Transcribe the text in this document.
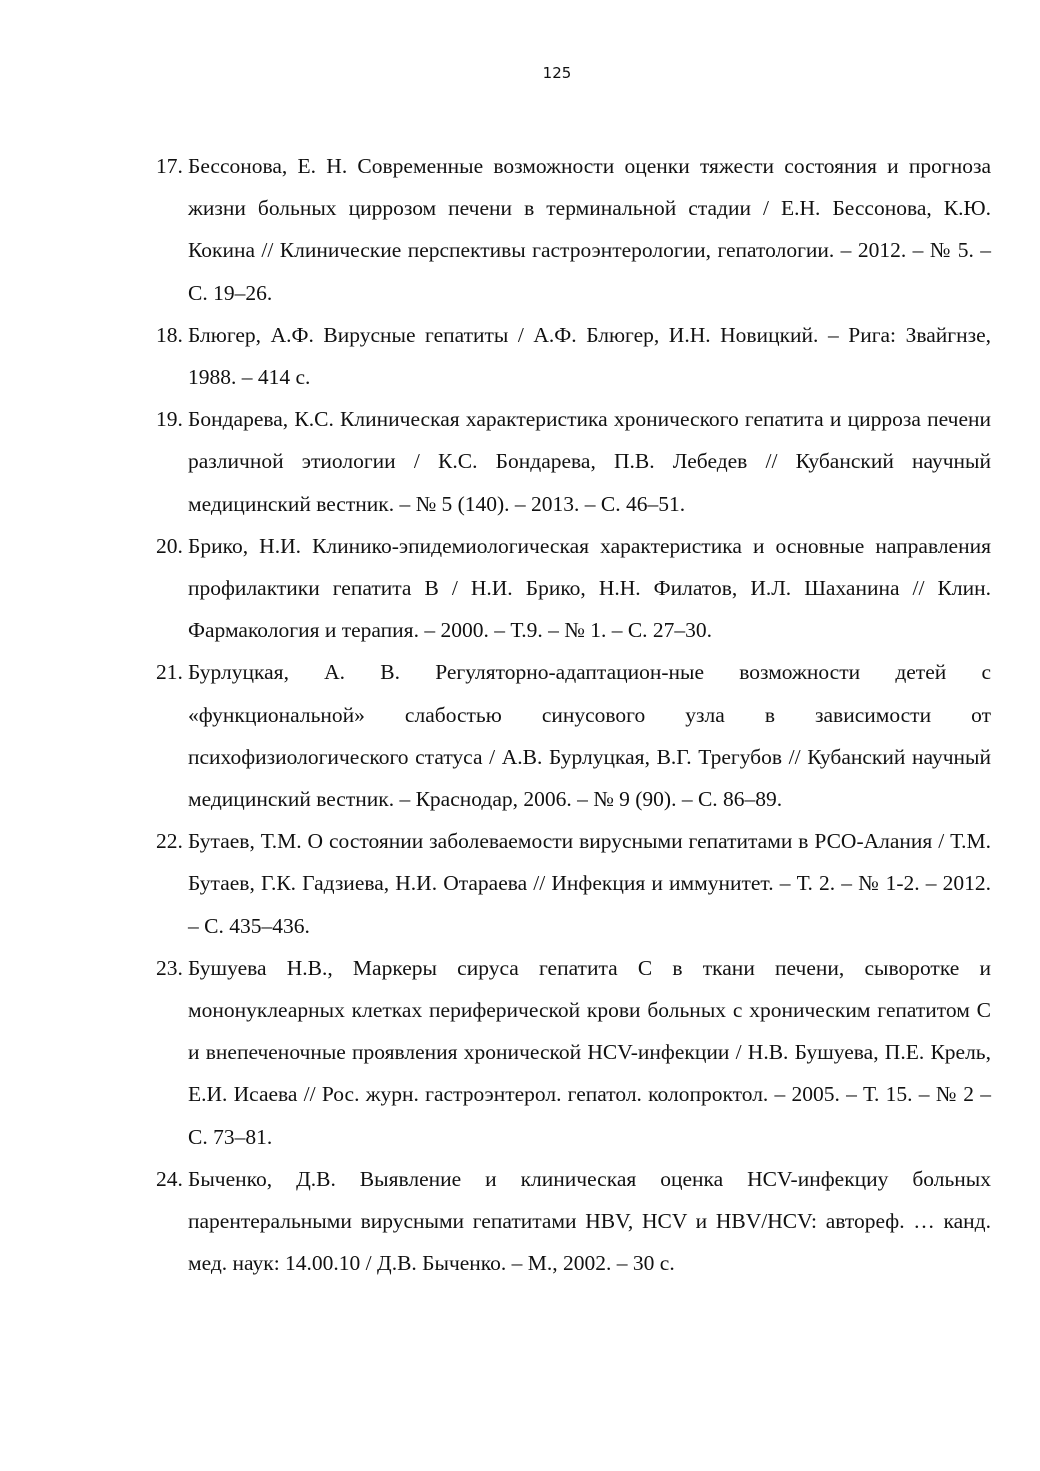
125
17. Бессонова, Е. Н. Современные возможности оценки тяжести состояния и прогноза жизни больных циррозом печени в терминальной стадии / Е.Н. Бессонова, К.Ю. Кокина // Клинические перспективы гастроэнтерологии, гепатологии. – 2012. – № 5. – С. 19–26.
18. Блюгер, А.Ф. Вирусные гепатиты / А.Ф. Блюгер, И.Н. Новицкий. – Рига: Звайгнзе, 1988. – 414 с.
19. Бондарева, К.С. Клиническая характеристика хронического гепатита и цирроза печени различной этиологии / К.С. Бондарева, П.В. Лебедев // Кубанский научный медицинский вестник. – № 5 (140). – 2013. – С. 46–51.
20. Брико, Н.И. Клинико-эпидемиологическая характеристика и основные направления профилактики гепатита В / Н.И. Брико, Н.Н. Филатов, И.Л. Шаханина // Клин. Фармакология и терапия. – 2000. – Т.9. – № 1. – С. 27–30.
21. Бурлуцкая, А. В. Регуляторно-адаптацион-ные возможности детей с «функциональной» слабостью синусового узла в зависимости от психофизиологического статуса / А.В. Бурлуцкая, В.Г. Трегубов // Кубанский научный медицинский вестник. – Краснодар, 2006. – № 9 (90). – С. 86–89.
22. Бутаев, Т.М. О состоянии заболеваемости вирусными гепатитами в РСО-Алания / Т.М. Бутаев, Г.К. Гадзиева, Н.И. Отараева // Инфекция и иммунитет. – Т. 2. – № 1-2. – 2012. – С. 435–436.
23. Бушуева Н.В., Маркеры сируса гепатита С в ткани печени, сыворотке и мононуклеарных клетках периферической крови больных с хроническим гепатитом С и внепеченочные проявления хронической HCV-инфекции / Н.В. Бушуева, П.Е. Крель, Е.И. Исаева // Рос. журн. гастроэнтерол. гепатол. колопроктол. – 2005. – Т. 15. – № 2 – С. 73–81.
24. Быченко, Д.В. Выявление и клиническая оценка HCV-инфекциу больных парентеральными вирусными гепатитами HBV, HCV и HBV/HCV: автореф. … канд. мед. наук: 14.00.10 / Д.В. Быченко. – М., 2002. – 30 с.
